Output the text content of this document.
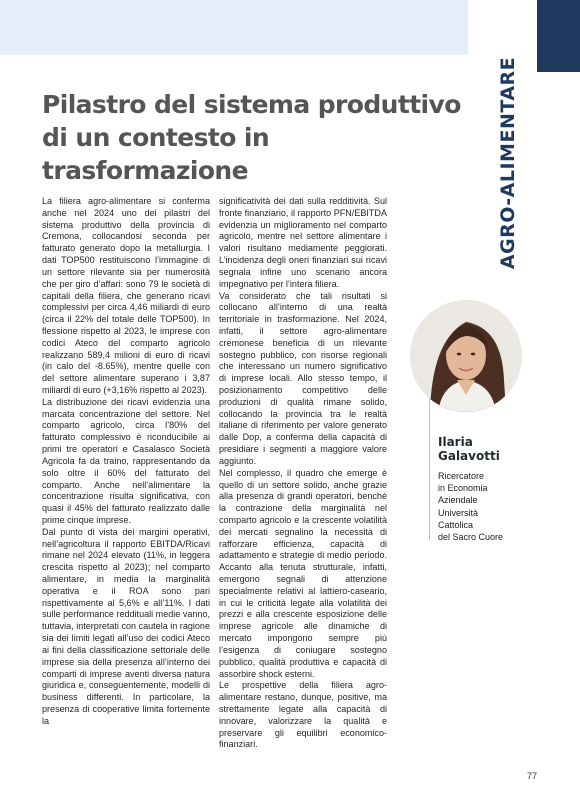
AGRO-ALIMENTARE
Pilastro del sistema produttivo
di un contesto in trasformazione

La filiera agro-alimentare si conferma anche nel 2024 uno dei pilastri del sistema produttivo della provincia di Cremona, collocandosi seconda per fatturato generato dopo la metallurgia. I dati TOP500 restituiscono l’immagine di un settore rilevante sia per numerosità che per giro d’affari: sono 79 le società di capitali della filiera, che generano ricavi complessivi per circa 4,46 miliardi di euro (circa il 22% del totale delle TOP500). In flessione rispetto al 2023, le imprese con codici Ateco del comparto agricolo realizzano 589,4 milioni di euro di ricavi (in calo del -8.65%), mentre quelle con del settore alimentare superano i 3,87 miliardi di euro (+3,16% rispetto al 2023).

La distribuzione dei ricavi evidenzia una marcata concentrazione del settore. Nel comparto agricolo, circa l’80% del fatturato complessivo è riconducibile ai primi tre operatori e Casalasco Società Agricola fa da traino, rappresentando da solo oltre il 60% del fatturato del comparto. Anche nell’alimentare la concentrazione risulta significativa, con quasi il 45% del fatturato realizzato dalle prime cinque imprese.

Dal punto di vista dei margini operativi, nell’agricoltura il rapporto EBITDA/Ricavi rimane nel 2024 elevato (11%, in leggera crescita rispetto al 2023); nel comparto alimentare, in media la marginalità operativa e il ROA sono pari rispettivamente al 5,6% e all’11%. I dati sulle performance reddituali medie vanno, tuttavia, interpretati con cautela in ragione sia dei limiti legati all’uso dei codici Ateco ai fini della classificazione settoriale delle imprese sia della presenza all’interno dei comparti di imprese aventi diversa natura giuridica e, conseguentemente, modelli di business differenti. In particolare, la presenza di cooperative limita fortemente la

significatività dei dati sulla redditività. Sul fronte finanziario, il rapporto PFN/EBITDA evidenzia un miglioramento nel comparto agricolo, mentre nel settore alimentare i valori risultano mediamente peggiorati. L’incidenza degli oneri finanziari sui ricavi segnala infine uno scenario ancora impegnativo per l’intera filiera.

Va considerato che tali risultati si collocano all’interno di una realtà territoriale in trasformazione. Nel 2024, infatti, il settore agro-alimentare cremonese beneficia di un rilevante sostegno pubblico, con risorse regionali che interessano un numero significativo di imprese locali. Allo stesso tempo, il posizionamento competitivo delle produzioni di qualità rimane solido, collocando la provincia tra le realtà italiane di riferimento per valore generato dalle Dop, a conferma della capacità di presidiare i segmenti a maggiore valore aggiunto.

Nel complesso, il quadro che emerge è quello di un settore solido, anche grazie alla presenza di grandi operatori, benché la contrazione della marginalità nel comparto agricolo e la crescente volatilità dei mercati segnalino la necessità di rafforzare efficienza, capacità di adattamento e strategie di medio periodo. Accanto alla tenuta strutturale, infatti, emergono segnali di attenzione specialmente relativi al lattiero-caseario, in cui le criticità legate alla volatilità dei prezzi e alla crescente esposizione delle imprese agricole alle dinamiche di mercato impongono sempre più l’esigenza di coniugare sostegno pubblico, qualità produttiva e capacità di assorbire shock esterni.

Le prospettive della filiera agro-alimentare restano, dunque, positive, ma strettamente legate alla capacità di innovare, valorizzare la qualità e preservare gli equilibri economico-finanziari.

Ilaria
Galavotti
Ricercatore
in Economia
Aziendale
Università
Cattolica
del Sacro Cuore
77
